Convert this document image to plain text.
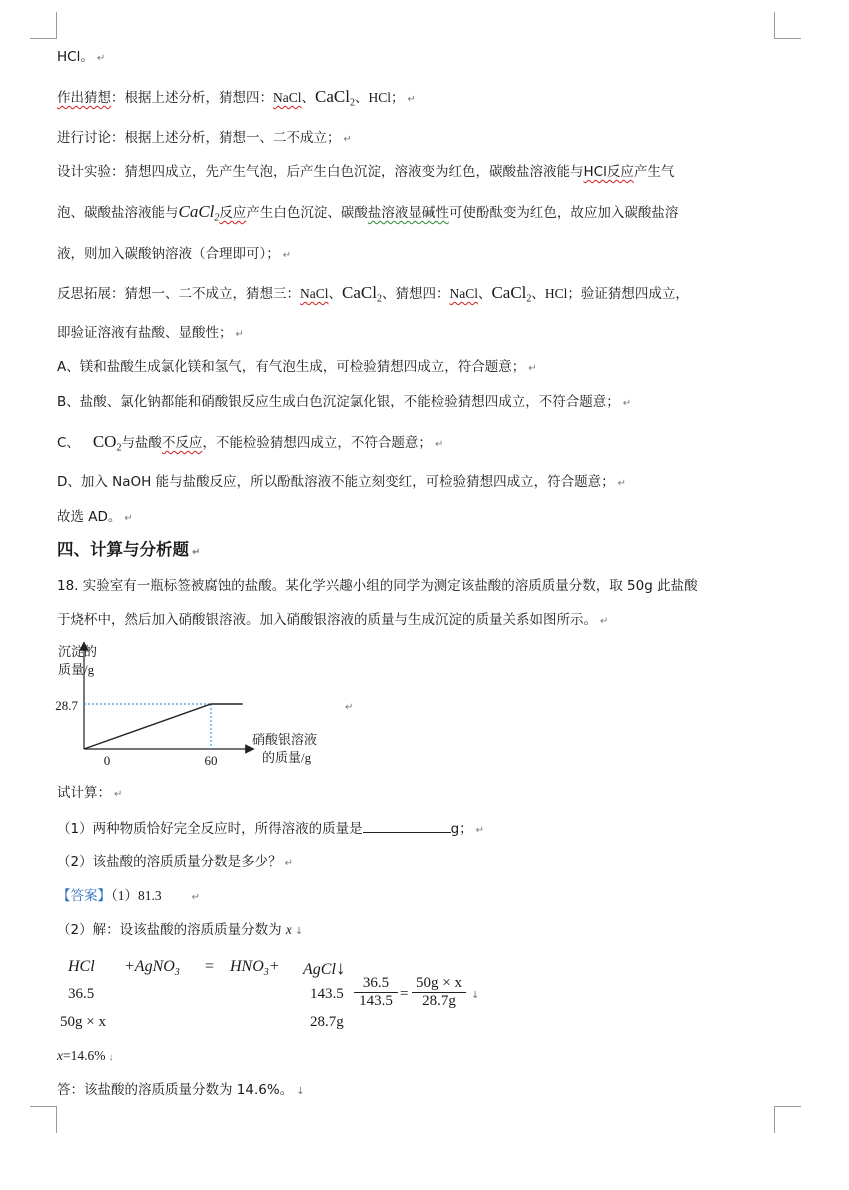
HCl。 ↵
作出猜想：根据上述分析，猜想四：NaCl、CaCl$_2$、HCl； ↵
进行讨论：根据上述分析，猜想一、二不成立； ↵
设计实验：猜想四成立，先产生气泡，后产生白色沉淀，溶液变为红色，碳酸盐溶液能与HCl反应产生气
泡、碳酸盐溶液能与CaCl$_2$反应产生白色沉淀、碳酸盐溶液显碱性可使酚酞变为红色，故应加入碳酸盐溶
液，则加入碳酸钠溶液（合理即可）； ↵
反思拓展：猜想一、二不成立，猜想三：NaCl、CaCl$_2$、猜想四：NaCl、CaCl$_2$、HCl；验证猜想四成立，
即验证溶液有盐酸、显酸性； ↵
A、镁和盐酸生成氯化镁和氢气，有气泡生成，可检验猜想四成立，符合题意； ↵
B、盐酸、氯化钠都能和硝酸银反应生成白色沉淀氯化银，不能检验猜想四成立，不符合题意； ↵
C、 $CO_2$与盐酸不反应，不能检验猜想四成立，不符合题意； ↵
D、加入 NaOH 能与盐酸反应，所以酚酞溶液不能立刻变红，可检验猜想四成立，符合题意； ↵
故选 AD。 ↵
四、计算与分析题 ↵
18. 实验室有一瓶标签被腐蚀的盐酸。某化学兴趣小组的同学为测定该盐酸的溶质质量分数，取 50g 此盐酸
于烧杯中，然后加入硝酸银溶液。加入硝酸银溶液的质量与生成沉淀的质量关系如图所示。 ↵
沉淀的
质量/g
硝酸银溶液
的质量/g
0	60
28.7	↵
试计算： ↵
（1）两种物质恰好完全反应时，所得溶液的质量是	g； ↵
（2）该盐酸的溶质质量分数是多少？ ↵
【答案】（1）81.3	↵
（2）解：设该盐酸的溶质质量分数为 x ↓
HCl +AgNO$_3$ = $HNO_3+$ AgCl↓
36.5	143.5
50g × x	28.7g
36.5
143.5 =
50g × x
28.7g	↓
x=14.6% ↓
答：该盐酸的溶质质量分数为 14.6%。 ↓
